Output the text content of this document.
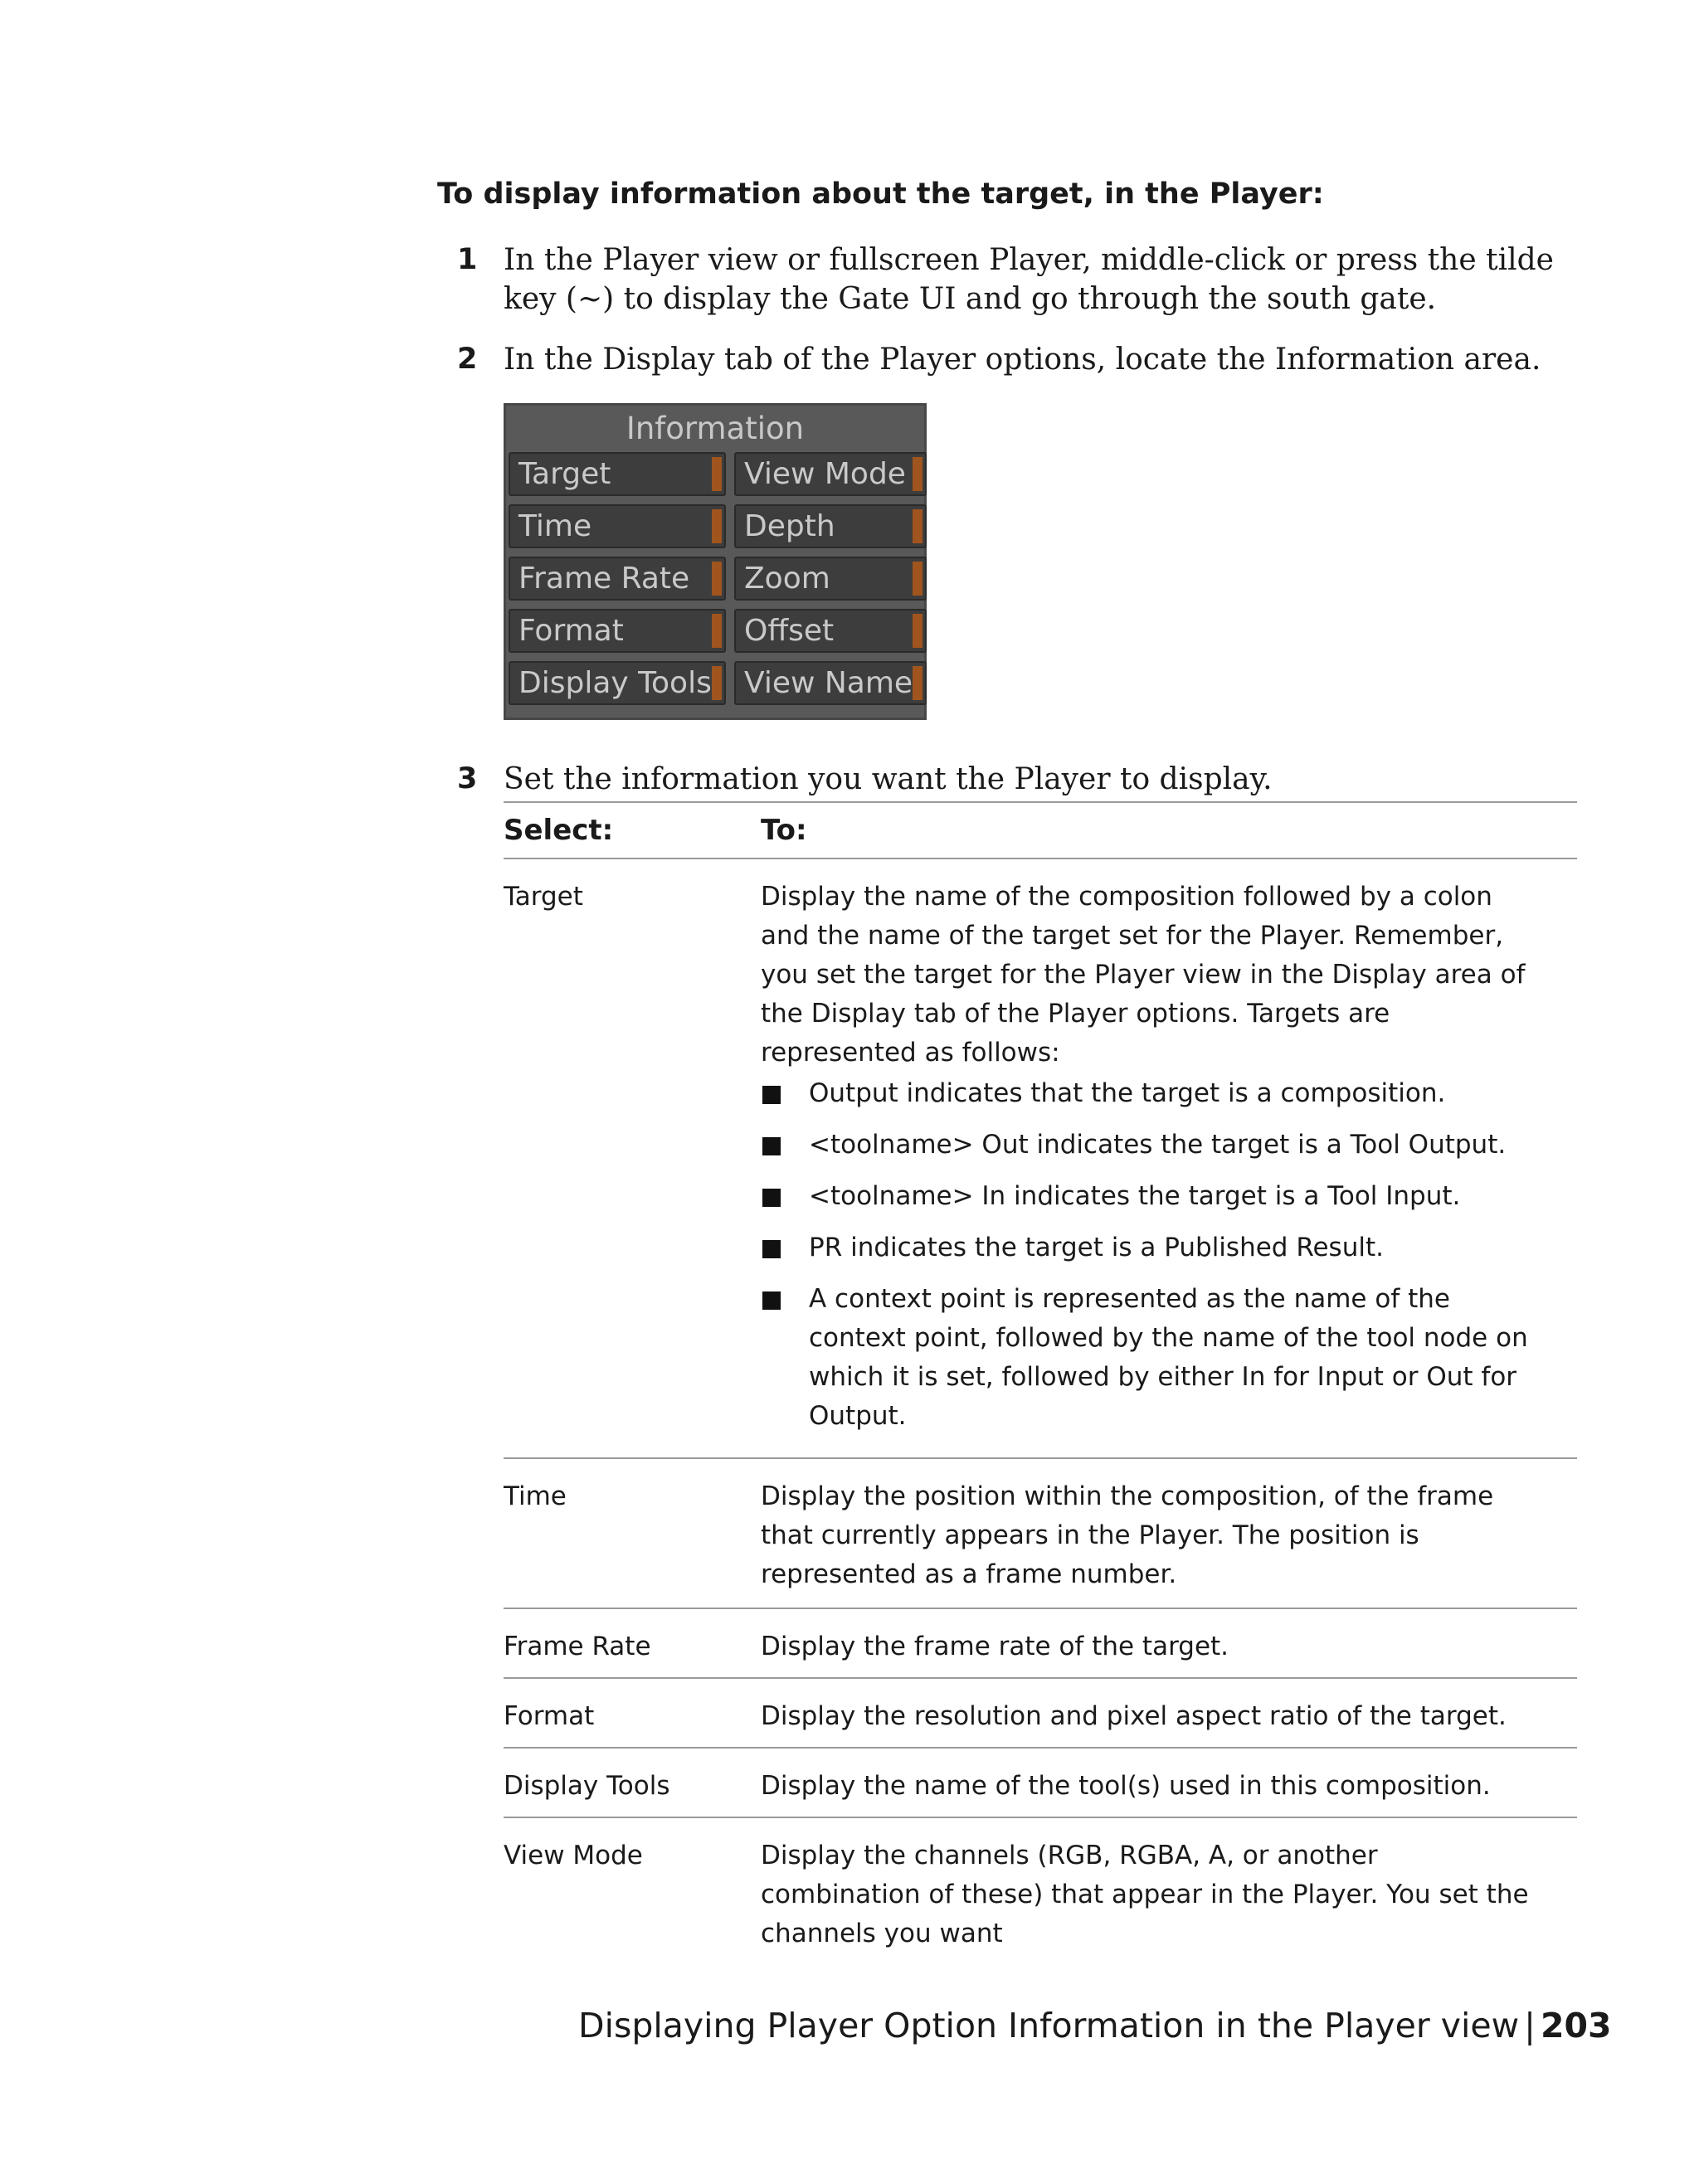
To display information about the target, in the Player:
1 In the Player view or fullscreen Player, middle-click or press the tilde key (~) to display the Gate UI and go through the south gate.
2 In the Display tab of the Player options, locate the Information area.
Information
Target	View Mode
Time	Depth
Frame Rate	Zoom
Format	Offset
Display Tools	View Name
3 Set the information you want the Player to display.
Select:	To:
Target	Display the name of the composition followed by a colon and the name of the target set for the Player. Remember, you set the target for the Player view in the Display area of the Display tab of the Player options. Targets are represented as follows:
Output indicates that the target is a composition.
<toolname> Out indicates the target is a Tool Output.
<toolname> In indicates the target is a Tool Input.
PR indicates the target is a Published Result.
A context point is represented as the name of the context point, followed by the name of the tool node on which it is set, followed by either In for Input or Out for Output.
Time	Display the position within the composition, of the frame that currently appears in the Player. The position is represented as a frame number.
Frame Rate	Display the frame rate of the target.
Format	Display the resolution and pixel aspect ratio of the target.
Display Tools	Display the name of the tool(s) used in this composition.
View Mode	Display the channels (RGB, RGBA, A, or another combination of these) that appear in the Player. You set the channels you want
Displaying Player Option Information in the Player view | 203
